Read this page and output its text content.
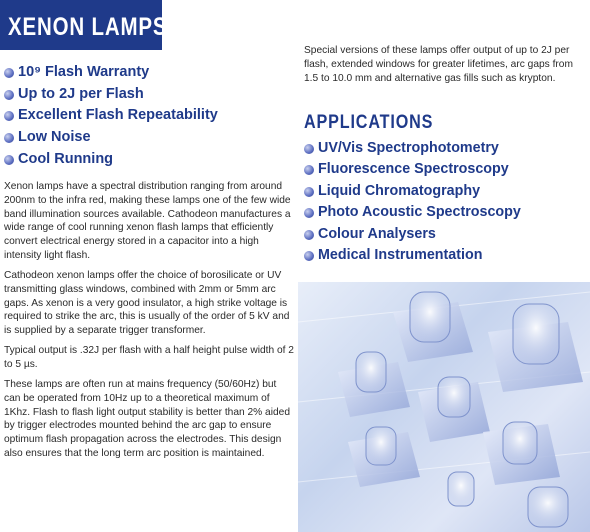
XENON LAMPS
10⁹ Flash Warranty
Up to 2J per Flash
Excellent Flash Repeatability
Low Noise
Cool Running

Xenon lamps have a spectral distribution ranging from around 200nm to the infra red, making these lamps one of the few wide band illumination sources available. Cathodeon manufactures a wide range of cool running xenon flash lamps that efficiently convert electrical energy stored in a capacitor into a high intensity light flash.

Cathodeon xenon lamps offer the choice of borosilicate or UV transmitting glass windows, combined with 2mm or 5mm arc gaps. As xenon is a very good insulator, a high strike voltage is required to strike the arc, this is usually of the order of 5 kV and is supplied by a separate trigger transformer.

Typical output is .32J per flash with a half height pulse width of 2 to 5 µs.

These lamps are often run at mains frequency (50/60Hz) but can be operated from 10Hz up to a theoretical maximum of 1Khz. Flash to flash light output stability is better than 2% aided by trigger electrodes mounted behind the arc gap to ensure optimum flash propagation across the electrodes. This design also ensures that the long term arc position is maintained.

Special versions of these lamps offer output of up to 2J per flash, extended windows for greater lifetimes, arc gaps from 1.5 to 10.0 mm and alternative gas fills such as krypton.
APPLICATIONS
UV/Vis Spectrophotometry
Fluorescence Spectroscopy
Liquid Chromatography
Photo Acoustic Spectroscopy
Colour Analysers
Medical Instrumentation
